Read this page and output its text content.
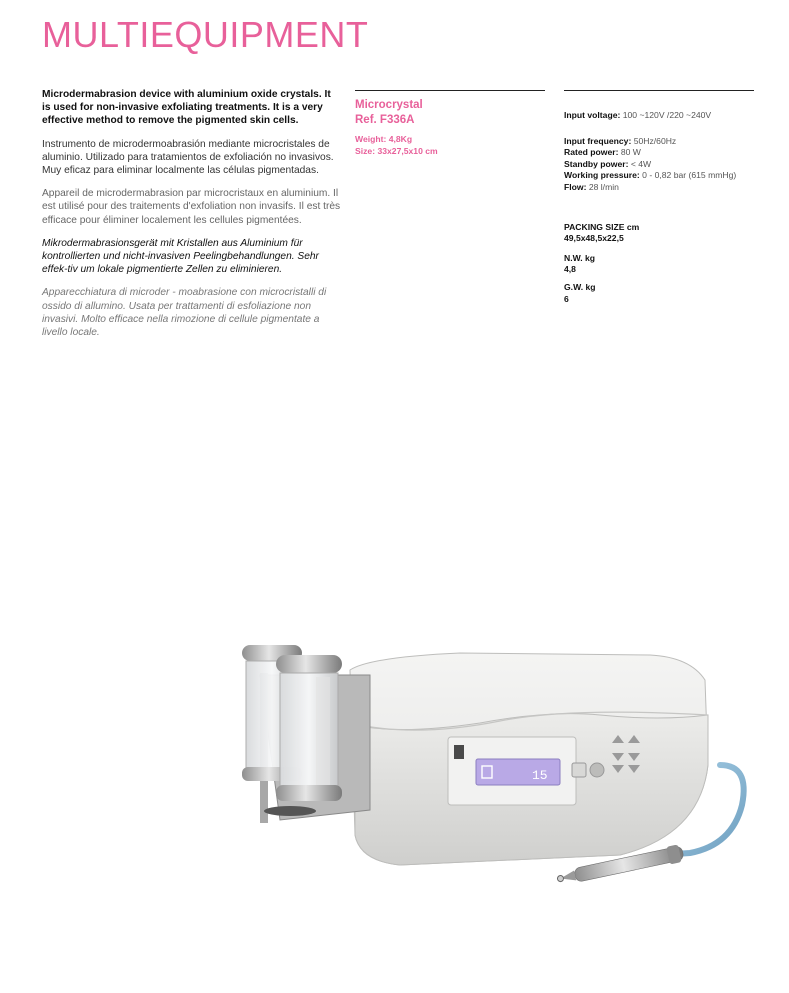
MULTIEQUIPMENT

Microdermabrasion device with aluminium oxide crystals. It is used for non-invasive exfoliating treatments. It is a very effective method to remove the pigmented skin cells.

Instrumento de microdermoabrasión mediante microcristales de aluminio. Utilizado para tratamientos de exfoliación no invasivos. Muy eficaz para eliminar localmente las células pigmentadas.

Appareil de microdermabrasion par microcristaux en aluminium. Il est utilisé pour des traitements d'exfoliation non invasifs. Il est très efficace pour éliminer localement les cellules pigmentées.

Mikrodermabrasionsgerät mit Kristallen aus Aluminium für kontrollierten und nicht-invasiven Peelingbehandlungen. Sehr effek-tiv um lokale pigmentierte Zellen zu eliminieren.

Apparecchiatura di microder - moabrasione con microcristalli di ossido di allumino. Usata per trattamenti di esfoliazione non invasivi. Molto efficace nella rimozione di cellule pigmentate a livello locale.

Microcrystal
Ref. F336A
Weight: 4,8Kg
Size: 33x27,5x10 cm
Input voltage: 100 ~120V /220 ~240V
Input frequency: 50Hz/60Hz
Rated power: 80 W
Standby power: < 4W
Working pressure: 0 - 0,82 bar (615 mmHg)
Flow: 28 l/min
PACKING SIZE cm
49,5x48,5x22,5
N.W. kg
4,8
G.W. kg
6
15
